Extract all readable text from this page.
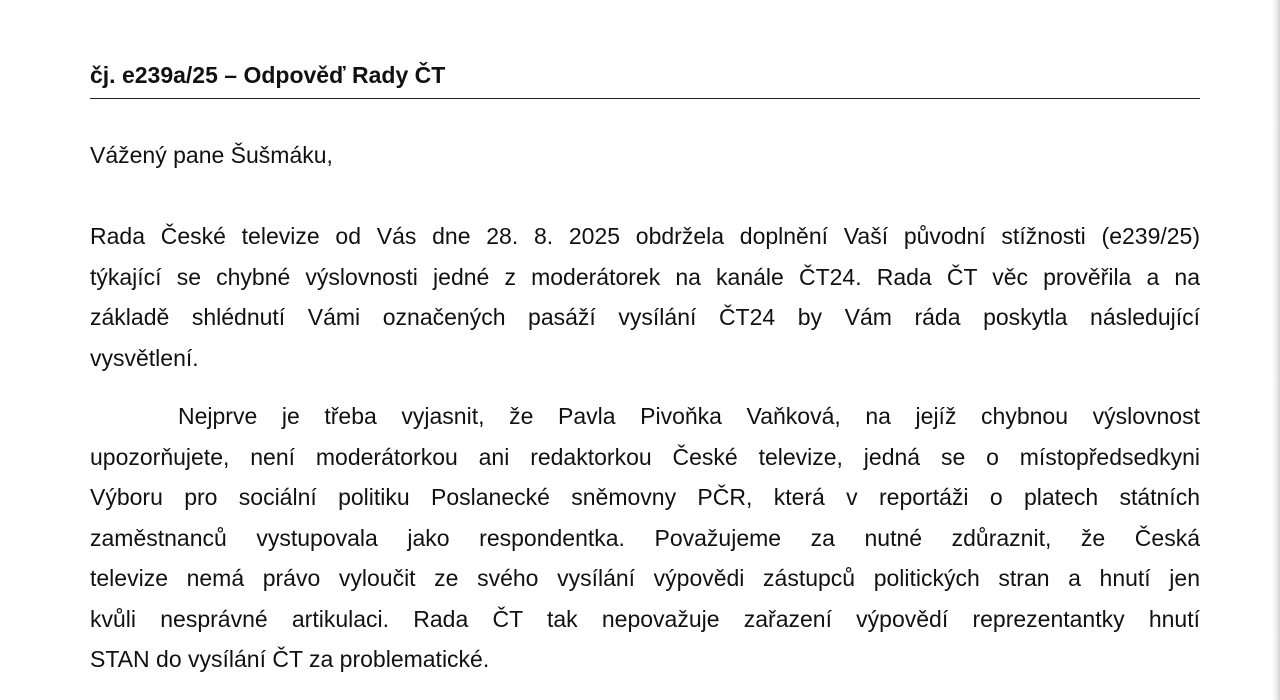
čj. e239a/25 – Odpověď Rady ČT
Vážený pane Šušmáku,
Rada České televize od Vás dne 28. 8. 2025 obdržela doplnění Vaší původní stížnosti (e239/25)
týkající se chybné výslovnosti jedné z moderátorek na kanále ČT24. Rada ČT věc prověřila a na
základě shlédnutí Vámi označených pasáží vysílání ČT24 by Vám ráda poskytla následující
vysvětlení.
Nejprve je třeba vyjasnit, že Pavla Pivoňka Vaňková, na jejíž chybnou výslovnost
upozorňujete, není moderátorkou ani redaktorkou České televize, jedná se o místopředsedkyni
Výboru pro sociální politiku Poslanecké sněmovny PČR, která v reportáži o platech státních
zaměstnanců vystupovala jako respondentka. Považujeme za nutné zdůraznit, že Česká
televize nemá právo vyloučit ze svého vysílání výpovědi zástupců politických stran a hnutí jen
kvůli nesprávné artikulaci. Rada ČT tak nepovažuje zařazení výpovědí reprezentantky hnutí
STAN do vysílání ČT za problematické.
